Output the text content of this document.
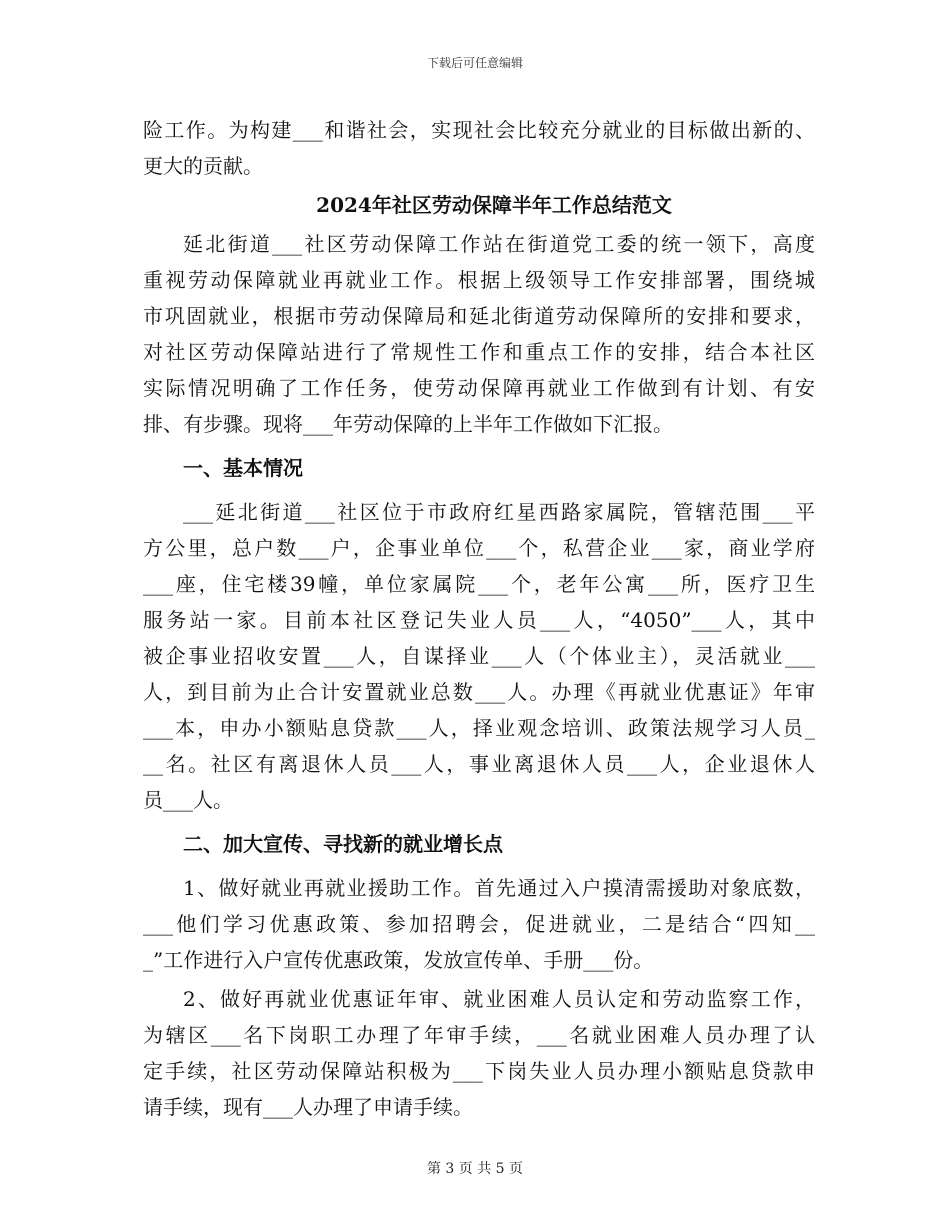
下载后可任意编辑
险工作。为构建___和谐社会，实现社会比较充分就业的目标做出新的、
更大的贡献。
2024年社区劳动保障半年工作总结范文
延北街道___社区劳动保障工作站在街道党工委的统一领下，高度
重视劳动保障就业再就业工作。根据上级领导工作安排部署，围绕城
市巩固就业，根据市劳动保障局和延北街道劳动保障所的安排和要求，
对社区劳动保障站进行了常规性工作和重点工作的安排，结合本社区
实际情况明确了工作任务，使劳动保障再就业工作做到有计划、有安
排、有步骤。现将___年劳动保障的上半年工作做如下汇报。
一、基本情况
___延北街道___社区位于市政府红星西路家属院，管辖范围___平
方公里，总户数___户，企事业单位___个，私营企业___家，商业学府
___座，住宅楼39幢，单位家属院___个，老年公寓___所，医疗卫生
服务站一家。目前本社区登记失业人员___人，“4050”___人，其中
被企事业招收安置___人，自谋择业___人（个体业主），灵活就业___
人，到目前为止合计安置就业总数___人。办理《再就业优惠证》年审
___本，申办小额贴息贷款___人，择业观念培训、政策法规学习人员_
__名。社区有离退休人员___人，事业离退休人员___人，企业退休人
员___人。
二、加大宣传、寻找新的就业增长点
1、做好就业再就业援助工作。首先通过入户摸清需援助对象底数，
___他们学习优惠政策、参加招聘会，促进就业，二是结合“四知__
_”工作进行入户宣传优惠政策，发放宣传单、手册___份。
2、做好再就业优惠证年审、就业困难人员认定和劳动监察工作，
为辖区___名下岗职工办理了年审手续，___名就业困难人员办理了认
定手续，社区劳动保障站积极为___下岗失业人员办理小额贴息贷款申
请手续，现有___人办理了申请手续。
第 3 页 共 5 页
